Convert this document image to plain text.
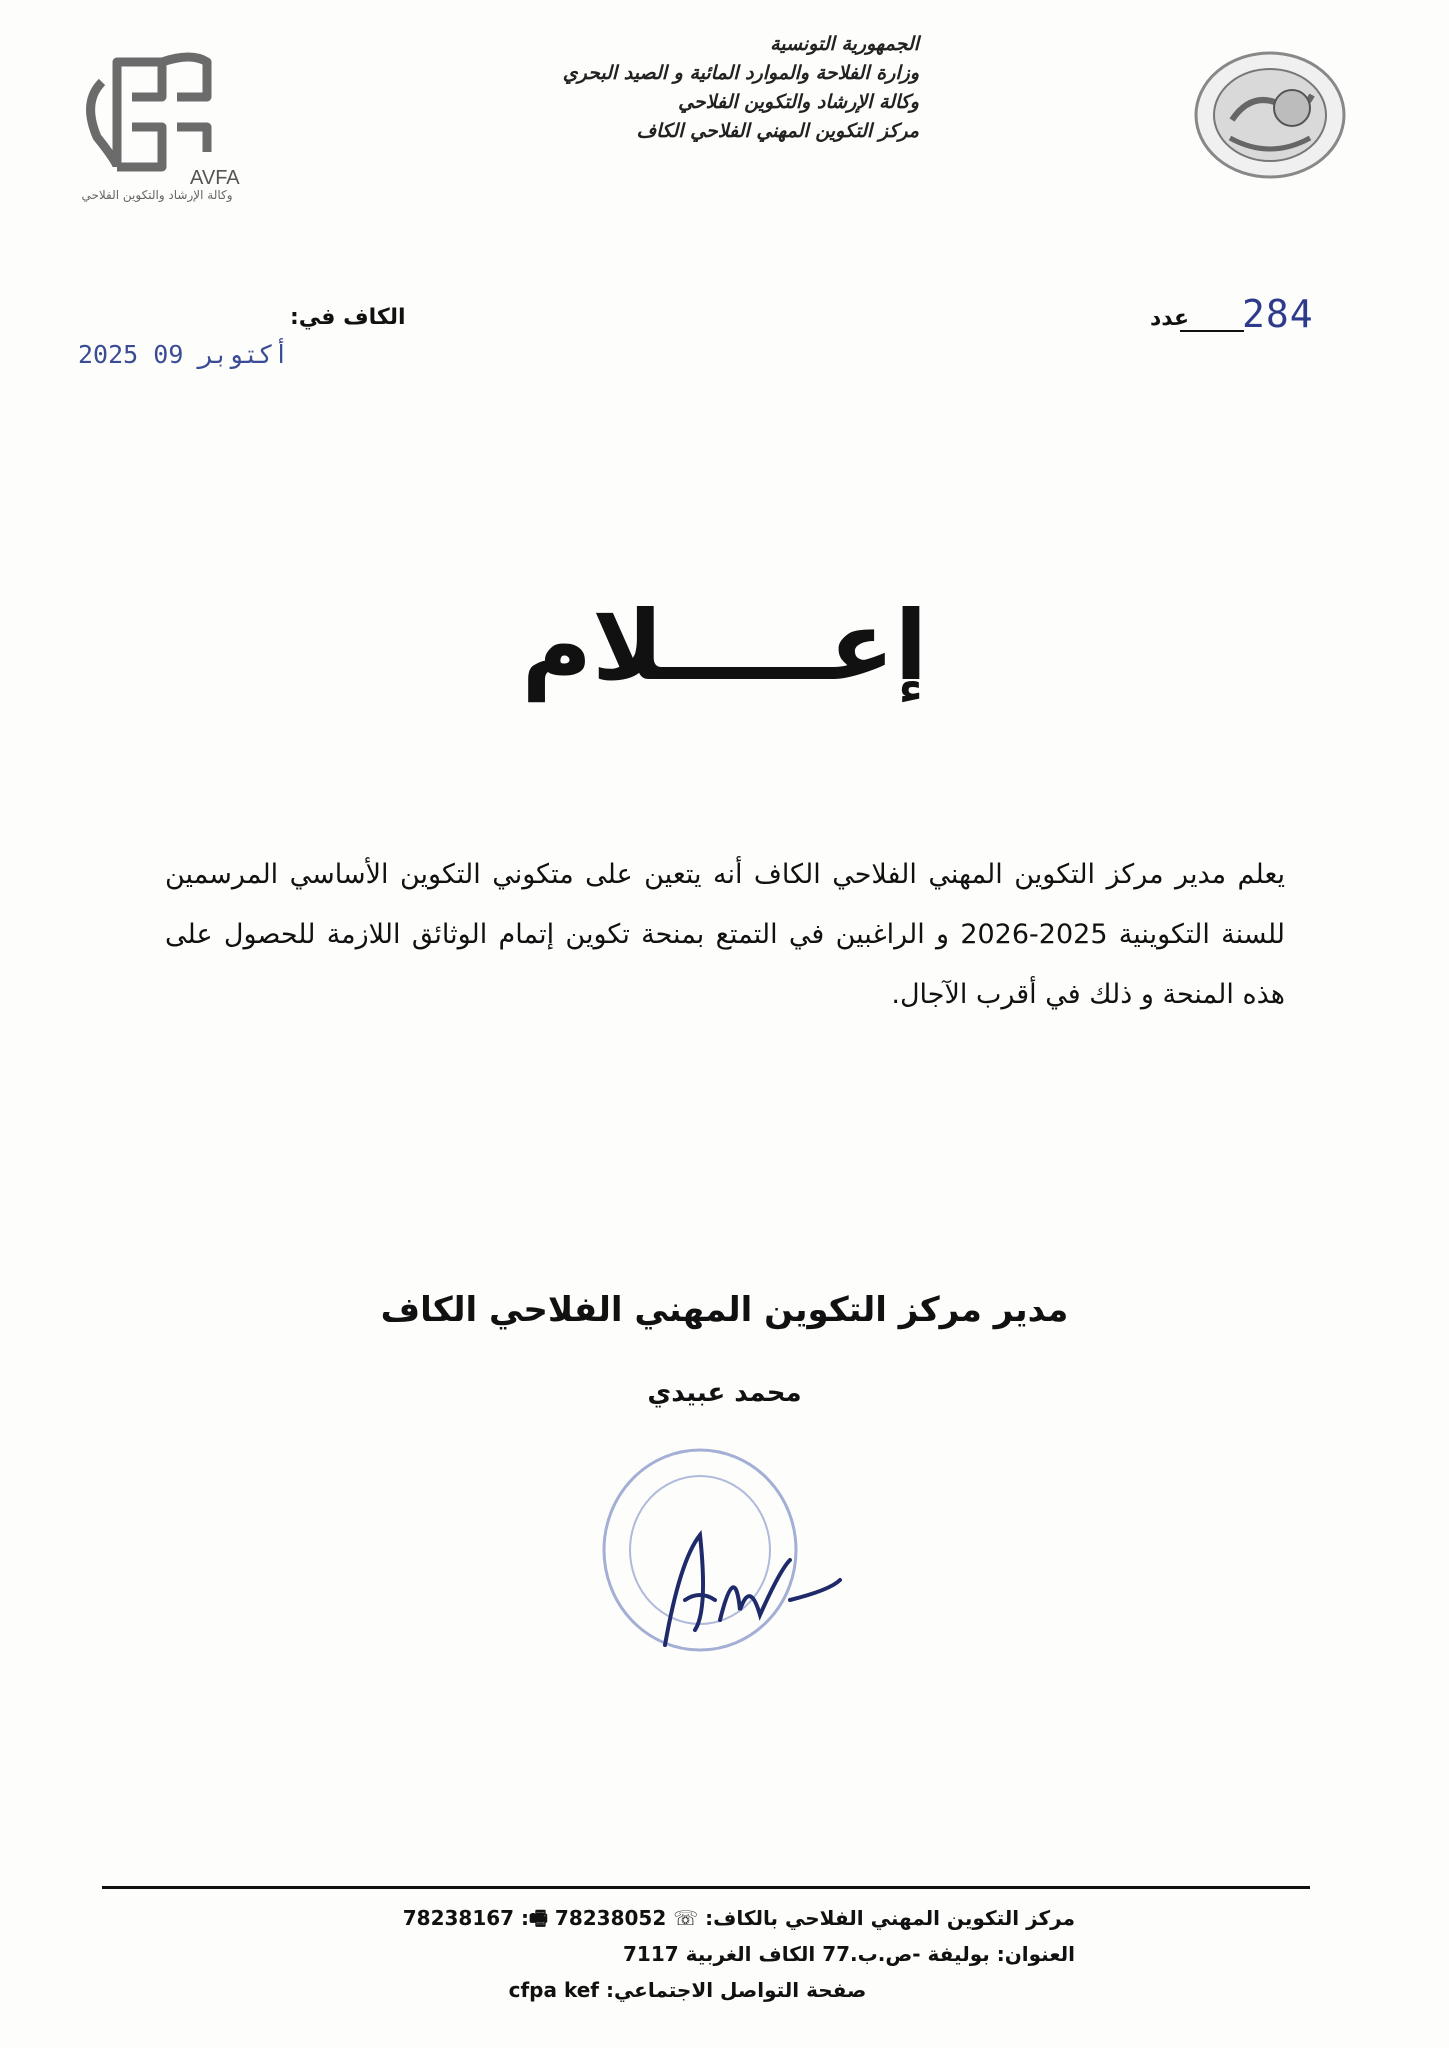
الجمهورية التونسية
وزارة الفلاحة والموارد المائية و الصيد البحري
وكالة الإرشاد والتكوين الفلاحي
مركز التكوين المهني الفلاحي الكاف
AVFA
وكالة الإرشاد والتكوين الفلاحي
284
عدد
الكاف في:
2025 أكتوبر 09
إعـــــلام
يعلم مدير مركز التكوين المهني الفلاحي الكاف أنه يتعين على متكوني التكوين الأساسي المرسمين للسنة التكوينية 2025-2026 و الراغبين في التمتع بمنحة تكوين إتمام الوثائق اللازمة للحصول على هذه المنحة و ذلك في أقرب الآجال.
مدير مركز التكوين المهني الفلاحي الكاف
محمد عبيدي
مركز التكوين المهني الفلاحي بالكاف: ☏ 78238052 🖷: 78238167
العنوان: بوليفة -ص.ب.77 الكاف الغربية 7117
صفحة التواصل الاجتماعي: cfpa kef
